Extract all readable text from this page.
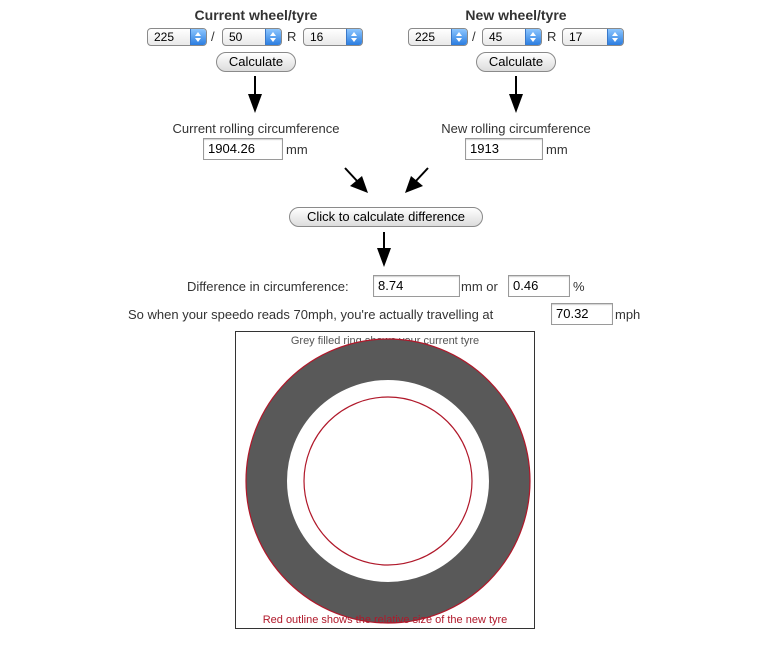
Current wheel/tyre
225	/	50	R	16
Calculate
New wheel/tyre
225	/	45	R	17
Calculate
Current rolling circumference
1904.26	mm
New rolling circumference
1913	mm
Click to calculate difference
Difference in circumference:	8.74	mm or	0.46	%
So when your speedo reads 70mph, you're actually travelling at	70.32	mph
Grey filled ring shows your current tyre
Red outline shows the relative size of the new tyre
